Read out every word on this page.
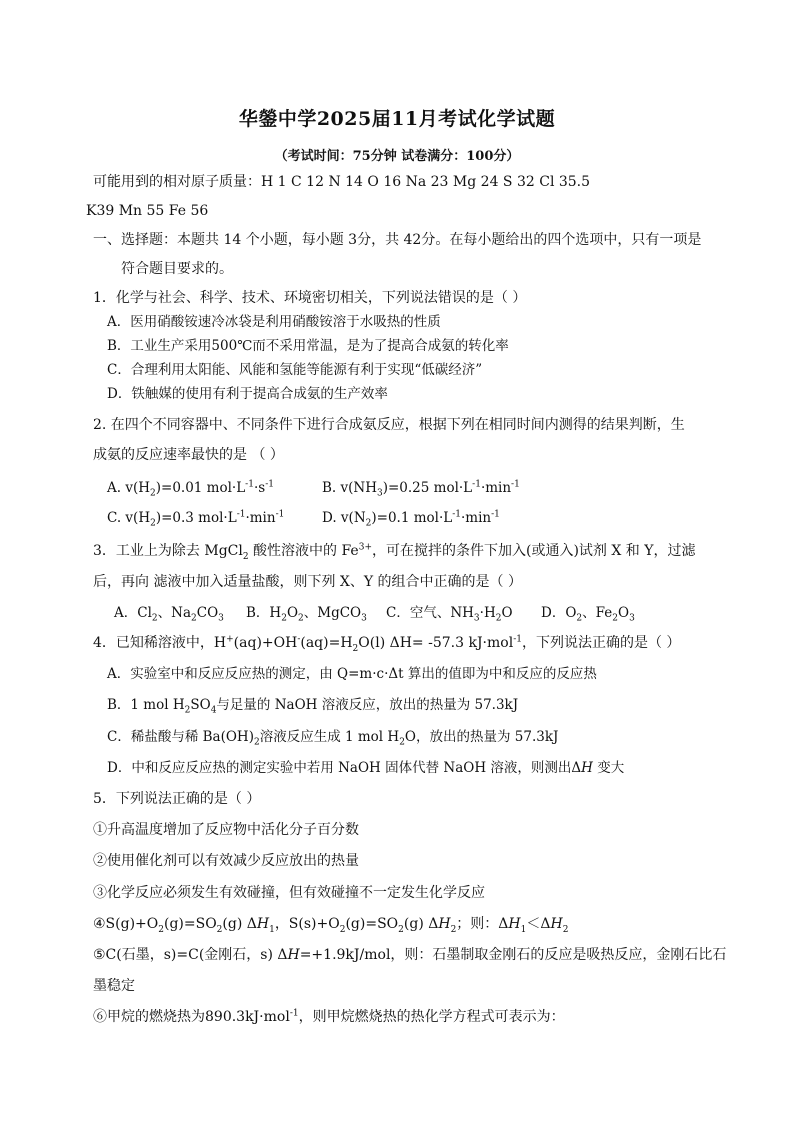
华鎣中学2025届11月考试化学试题
（考试时间：75分钟 试卷满分：100分）
可能用到的相对原子质量：H 1 C 12 N 14 O 16 Na 23 Mg 24 S 32 Cl 35.5
K39 Mn 55 Fe 56
一、选择题：本题共 14 个小题，每小题 3分，共 42分。在每小题给出的四个选项中，只有一项是
符合题目要求的。
1．化学与社会、科学、技术、环境密切相关，下列说法错误的是（ ）
A．医用硝酸铵速冷冰袋是利用硝酸铵溶于水吸热的性质
B．工业生产采用500℃而不采用常温，是为了提高合成氨的转化率
C．合理利用太阳能、风能和氢能等能源有利于实现“低碳经济”
D．铁触媒的使用有利于提高合成氨的生产效率
2. 在四个不同容器中、不同条件下进行合成氨反应，根据下列在相同时间内测得的结果判断，生
成氨的反应速率最快的是 （ ）
A. $v(H_2)=0.01$ $mol\cdot L^{-1}\cdot s^{-1}$	B. $v(NH_3)=0.25$ $mol\cdot L^{-1}\cdot\min^{-1}$
C. $v(H_2)=0.3$ $mol\cdot L^{-1}\cdot\min^{-1}$	D. $v(N_2)=0.1$ $mol\cdot L^{-1}\cdot\min^{-1}$
3．工业上为除去 MgCl$_2$ 酸性溶液中的 $Fe^{3+}$，可在搅拌的条件下加入(或通入)试剂 X 和 Y，过滤
后，再向 滤液中加入适量盐酸，则下列 X、Y 的组合中正确的是（ ）
A．$Cl_2$、$Na_2CO_3$ B．$H_2O_2$、MgCO$_3$ C．空气、$NH_3\cdot H_2O$ D．$O_2$、$Fe_2O_3$
4．已知稀溶液中，$H^+(aq)+OH^-(aq)=H_2O(l)$ ΔH= -57.3 kJ·mol$^{-1}$，下列说法正确的是（ ）
A．实验室中和反应反应热的测定，由 Q=m·c·Δt 算出的值即为中和反应的反应热
B．1 mol $H_2SO_4$与足量的 NaOH 溶液反应，放出的热量为 57.3kJ
C．稀盐酸与稀 $Ba(OH)_2$溶液反应生成 1 mol $H_2O$，放出的热量为 57.3kJ
D．中和反应反应热的测定实验中若用 NaOH 固体代替 NaOH 溶液，则测出ΔH 变大
5．下列说法正确的是（ ）
①升高温度增加了反应物中活化分子百分数
②使用催化剂可以有效减少反应放出的热量
③化学反应必须发生有效碰撞，但有效碰撞不一定发生化学反应
$④S(g)+O_2(g)=SO_2(g)$ $\Delta H_1$，$S(s)+O_2(g)=SO_2(g)$ $\Delta H_2$；则：$\Delta H_1<\Delta H_2$
⑤C(石墨，s)=C(金刚石，s) ΔH=+1.9kJ/mol，则：石墨制取金刚石的反应是吸热反应，金刚石比石
墨稳定
⑥甲烷的燃烧热为890.3kJ·mol$^{-1}$，则甲烷燃烧热的热化学方程式可表示为：
